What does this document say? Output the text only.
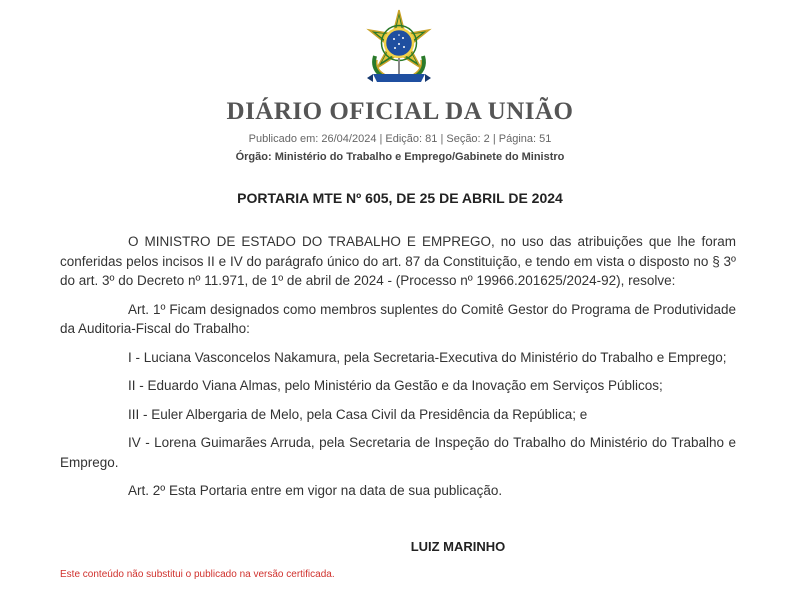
DIÁRIO OFICIAL DA UNIÃO
Publicado em: 26/04/2024 | Edição: 81 | Seção: 2 | Página: 51
Órgão: Ministério do Trabalho e Emprego/Gabinete do Ministro
PORTARIA MTE Nº 605, DE 25 DE ABRIL DE 2024

O MINISTRO DE ESTADO DO TRABALHO E EMPREGO, no uso das atribuições que lhe foram conferidas pelos incisos II e IV do parágrafo único do art. 87 da Constituição, e tendo em vista o disposto no § 3º do art. 3º do Decreto nº 11.971, de 1º de abril de 2024 - (Processo nº 19966.201625/2024-92), resolve:

Art. 1º Ficam designados como membros suplentes do Comitê Gestor do Programa de Produtividade da Auditoria-Fiscal do Trabalho:

I - Luciana Vasconcelos Nakamura, pela Secretaria-Executiva do Ministério do Trabalho e Emprego;

II - Eduardo Viana Almas, pelo Ministério da Gestão e da Inovação em Serviços Públicos;

III - Euler Albergaria de Melo, pela Casa Civil da Presidência da República; e

IV - Lorena Guimarães Arruda, pela Secretaria de Inspeção do Trabalho do Ministério do Trabalho e Emprego.

Art. 2º Esta Portaria entre em vigor na data de sua publicação.

LUIZ MARINHO
Este conteúdo não substitui o publicado na versão certificada.
